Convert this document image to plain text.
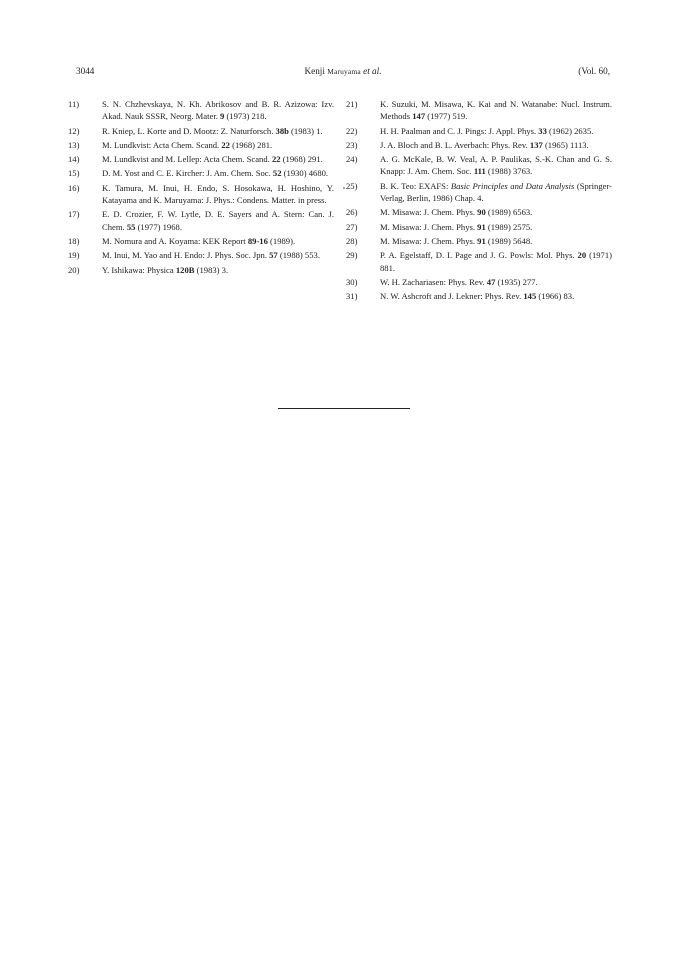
3044	Kenji Maruyama et al.	(Vol. 60,
11)	S. N. Chzhevskaya, N. Kh. Abrikosov and B. R. Azizowa: Izv. Akad. Nauk SSSR, Neorg. Mater. 9 (1973) 218.
12)	R. Kniep, L. Korte and D. Mootz: Z. Naturforsch. 38b (1983) 1.
13)	M. Lundkvist: Acta Chem. Scand. 22 (1968) 281.
14)	M. Lundkvist and M. Lellep: Acta Chem. Scand. 22 (1968) 291.
15)	D. M. Yost and C. E. Kircher: J. Am. Chem. Soc. 52 (1930) 4680.
16)	K. Tamura, M. Inui, H. Endo, S. Hosokawa, H. Hoshino, Y. Katayama and K. Maruyama: J. Phys.: Condens. Matter. in press.
17)	E. D. Crozier, F. W. Lytle, D. E. Sayers and A. Stern: Can. J. Chem. 55 (1977) 1968.
18)	M. Nomura and A. Koyama: KEK Report 89-16 (1989).
19)	M. Inui, M. Yao and H. Endo: J. Phys. Soc. Jpn. 57 (1988) 553.
20)	Y. Ishikawa: Physica 120B (1983) 3.
21)	K. Suzuki, M. Misawa, K. Kai and N. Watanabe: Nucl. Instrum. Methods 147 (1977) 519.
22)	H. H. Paalman and C. J. Pings: J. Appl. Phys. 33 (1962) 2635.
23)	J. A. Bloch and B. L. Averbach: Phys. Rev. 137 (1965) 1113.
24)	A. G. McKale, B. W. Veal, A. P. Paulikas, S.-K. Chan and G. S. Knapp: J. Am. Chem. Soc. 111 (1988) 3763.
25)	B. K. Teo: EXAFS: Basic Principles and Data Analysis (Springer-Verlag, Berlin, 1986) Chap. 4.
26)	M. Misawa: J. Chem. Phys. 90 (1989) 6563.
27)	M. Misawa: J. Chem. Phys. 91 (1989) 2575.
28)	M. Misawa: J. Chem. Phys. 91 (1989) 5648.
29)	P. A. Egelstaff, D. I. Page and J. G. Powls: Mol. Phys. 20 (1971) 881.
30)	W. H. Zachariasen: Phys. Rev. 47 (1935) 277.
31)	N. W. Ashcroft and J. Lekner: Phys. Rev. 145 (1966) 83.
